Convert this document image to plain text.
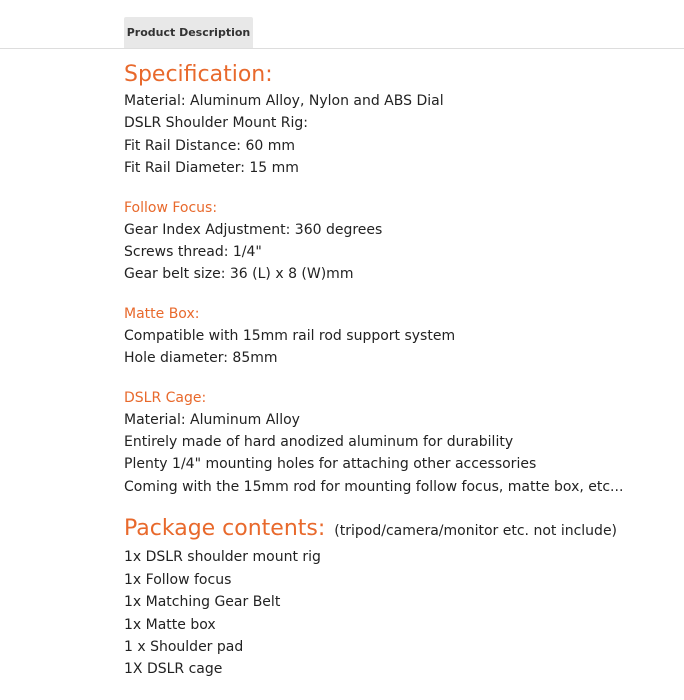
Product Description
Specification:

Material: Aluminum Alloy, Nylon and ABS Dial

DSLR Shoulder Mount Rig:

Fit Rail Distance: 60 mm

Fit Rail Diameter: 15 mm

Follow Focus:

Gear Index Adjustment: 360 degrees

Screws thread: 1/4"

Gear belt size: 36 (L) x 8 (W)mm

Matte Box:

Compatible with 15mm rail rod support system

Hole diameter: 85mm

DSLR Cage:

Material: Aluminum Alloy

Entirely made of hard anodized aluminum for durability

Plenty 1/4" mounting holes for attaching other accessories

Coming with the 15mm rod for mounting follow focus, matte box, etc...

Package contents: (tripod/camera/monitor etc. not include)

1x DSLR shoulder mount rig

1x Follow focus

1x Matching Gear Belt

1x Matte box

1 x Shoulder pad

1X DSLR cage
